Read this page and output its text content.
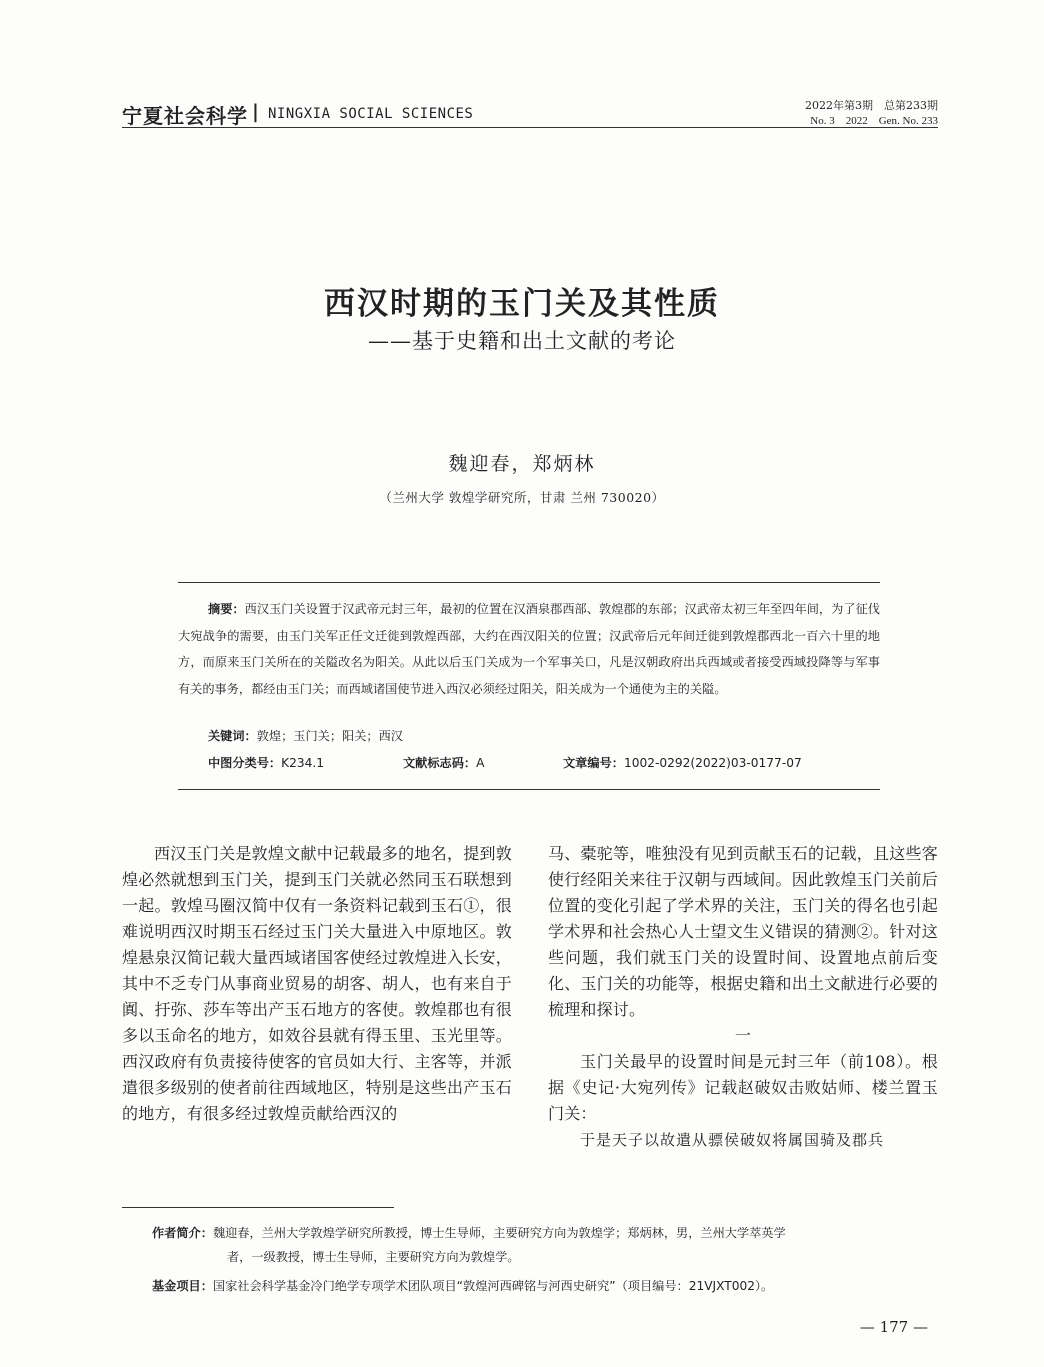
宁夏社会科学 | NINGXIA SOCIAL SCIENCES
2022年第3期　总第233期
No. 3　2022　Gen. No. 233
西汉时期的玉门关及其性质
——基于史籍和出土文献的考论
魏迎春，郑炳林
（兰州大学 敦煌学研究所，甘肃 兰州 730020）

摘要：西汉玉门关设置于汉武帝元封三年，最初的位置在汉酒泉郡西部、敦煌郡的东部；汉武帝太初三年至四年间，为了征伐大宛战争的需要，由玉门关军正任文迁徙到敦煌西部，大约在西汉阳关的位置；汉武帝后元年间迁徙到敦煌郡西北一百六十里的地方，而原来玉门关所在的关隘改名为阳关。从此以后玉门关成为一个军事关口，凡是汉朝政府出兵西域或者接受西域投降等与军事有关的事务，都经由玉门关；而西域诸国使节进入西汉必须经过阳关，阳关成为一个通使为主的关隘。

关键词：敦煌；玉门关；阳关；西汉
中图分类号：K234.1	文献标志码：A	文章编号：1002-0292(2022)03-0177-07

西汉玉门关是敦煌文献中记载最多的地名，提到敦煌必然就想到玉门关，提到玉门关就必然同玉石联想到一起。敦煌马圈汉简中仅有一条资料记载到玉石①，很难说明西汉时期玉石经过玉门关大量进入中原地区。敦煌悬泉汉简记载大量西域诸国客使经过敦煌进入长安，其中不乏专门从事商业贸易的胡客、胡人，也有来自于阗、扜弥、莎车等出产玉石地方的客使。敦煌郡也有很多以玉命名的地方，如效谷县就有得玉里、玉光里等。西汉政府有负责接待使客的官员如大行、主客等，并派遣很多级别的使者前往西域地区，特别是这些出产玉石的地方，有很多经过敦煌贡献给西汉的

马、橐驼等，唯独没有见到贡献玉石的记载，且这些客使行经阳关来往于汉朝与西域间。因此敦煌玉门关前后位置的变化引起了学术界的关注，玉门关的得名也引起学术界和社会热心人士望文生义错误的猜测②。针对这些问题，我们就玉门关的设置时间、设置地点前后变化、玉门关的功能等，根据史籍和出土文献进行必要的梳理和探讨。

一

玉门关最早的设置时间是元封三年（前108）。根据《史记·大宛列传》记载赵破奴击败姑师、楼兰置玉门关：

于是天子以故遣从骠侯破奴将属国骑及郡兵

作者简介：魏迎春，兰州大学敦煌学研究所教授，博士生导师，主要研究方向为敦煌学；郑炳林，男，兰州大学萃英学
者，一级教授，博士生导师，主要研究方向为敦煌学。
基金项目：国家社会科学基金冷门绝学专项学术团队项目“敦煌河西碑铭与河西史研究”（项目编号：21VJXT002）。
— 177 —
